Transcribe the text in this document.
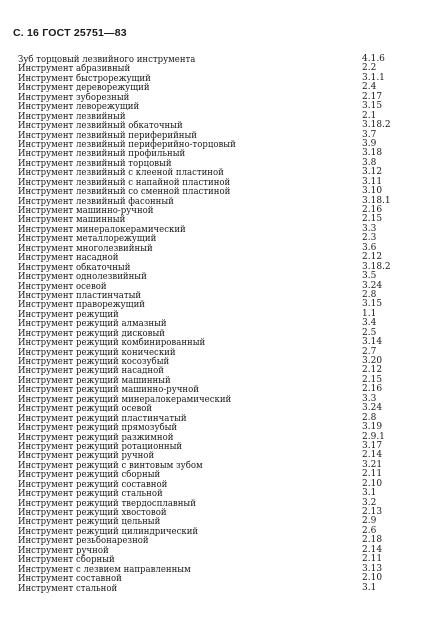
С. 16 ГОСТ 25751—83
Зуб торцовый лезвийного инструмента	4.1.6
Инструмент абразивный	2.2
Инструмент быстрорежущий	3.1.1
Инструмент дереворежущий	2.4
Инструмент зуборезный	2.17
Инструмент леворежущий	3.15
Инструмент лезвийный	2.1
Инструмент лезвийный обкаточный	3.18.2
Инструмент лезвийный периферийный	3.7
Инструмент лезвийный периферийно-торцовый	3.9
Инструмент лезвийный профильный	3.18
Инструмент лезвийный торцовый	3.8
Инструмент лезвийный с клееной пластиной	3.12
Инструмент лезвийный с напайной пластиной	3.11
Инструмент лезвийный со сменной пластиной	3.10
Инструмент лезвийный фасонный	3.18.1
Инструмент машинно-ручной	2.16
Инструмент машинный	2.15
Инструмент минералокерамический	3.3
Инструмент металлорежущий	2.3
Инструмент многолезвийный	3.6
Инструмент насадной	2.12
Инструмент обкаточный	3.18.2
Инструмент однолезвийный	3.5
Инструмент осевой	3.24
Инструмент пластинчатый	2.8
Инструмент праворежущий	3.15
Инструмент режущий	1.1
Инструмент режущий алмазный	3.4
Инструмент режущий дисковый	2.5
Инструмент режущий комбинированный	3.14
Инструмент режущий конический	2.7
Инструмент режущий косозубый	3.20
Инструмент режущий насадной	2.12
Инструмент режущий машинный	2.15
Инструмент режущий машинно-ручной	2.16
Инструмент режущий минералокерамический	3.3
Инструмент режущий осевой	3.24
Инструмент режущий пластинчатый	2.8
Инструмент режущий прямозубый	3.19
Инструмент режущий разжимной	2.9.1
Инструмент режущий ротационный	3.17
Инструмент режущий ручной	2.14
Инструмент режущий с винтовым зубом	3.21
Инструмент режущий сборный	2.11
Инструмент режущий составной	2.10
Инструмент режущий стальной	3.1
Инструмент режущий твердосплавный	3.2
Инструмент режущий хвостовой	2.13
Инструмент режущий цельный	2.9
Инструмент режущий цилиндрический	2.6
Инструмент резьбонарезной	2.18
Инструмент ручной	2.14
Инструмент сборный	2.11
Инструмент с лезвием направленным	3.13
Инструмент составной	2.10
Инструмент стальной	3.1
